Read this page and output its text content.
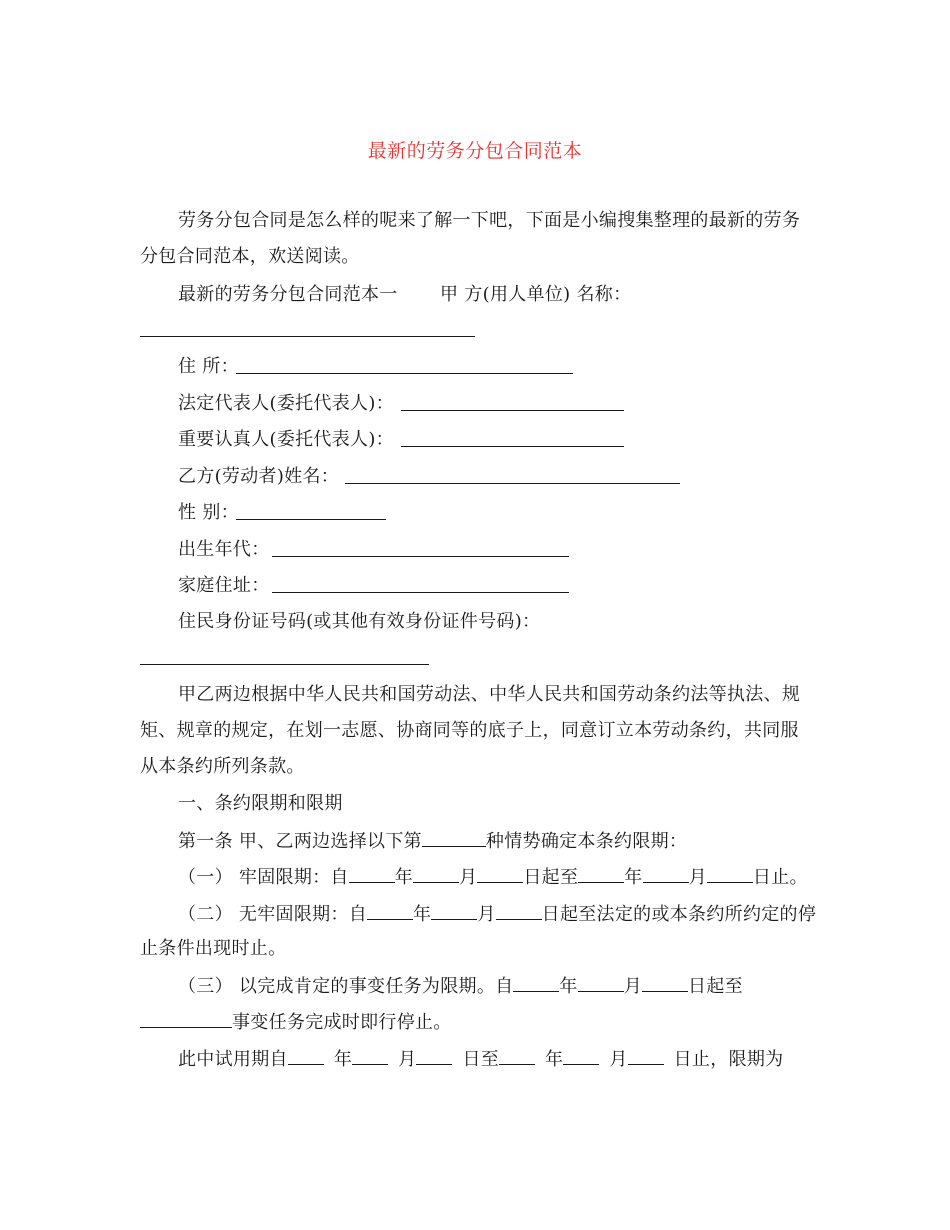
最新的劳务分包合同范本
劳务分包合同是怎么样的呢来了解一下吧，下面是小编搜集整理的最新的劳务
分包合同范本，欢送阅读。
最新的劳务分包合同范本一 甲 方(用人单位) 名称：
住 所：
法定代表人(委托代表人)：
重要认真人(委托代表人)：
乙方(劳动者)姓名：
性 别：
出生年代：
家庭住址：
住民身份证号码(或其他有效身份证件号码)：
甲乙两边根据中华人民共和国劳动法、中华人民共和国劳动条约法等执法、规
矩、规章的规定，在划一志愿、协商同等的底子上，同意订立本劳动条约，共同服
从本条约所列条款。
一、条约限期和限期
第一条 甲、乙两边选择以下第	种情势确定本条约限期：
（一） 牢固限期：自	年	月	日起至	年	月	日止。
（二） 无牢固限期：自	年	月	日起至法定的或本条约所约定的停
止条件出现时止。
（三） 以完成肯定的事变任务为限期。自	年	月	日起至
事变任务完成时即行停止。
此中试用期自	年	月	日至	年	月	日止，限期为
